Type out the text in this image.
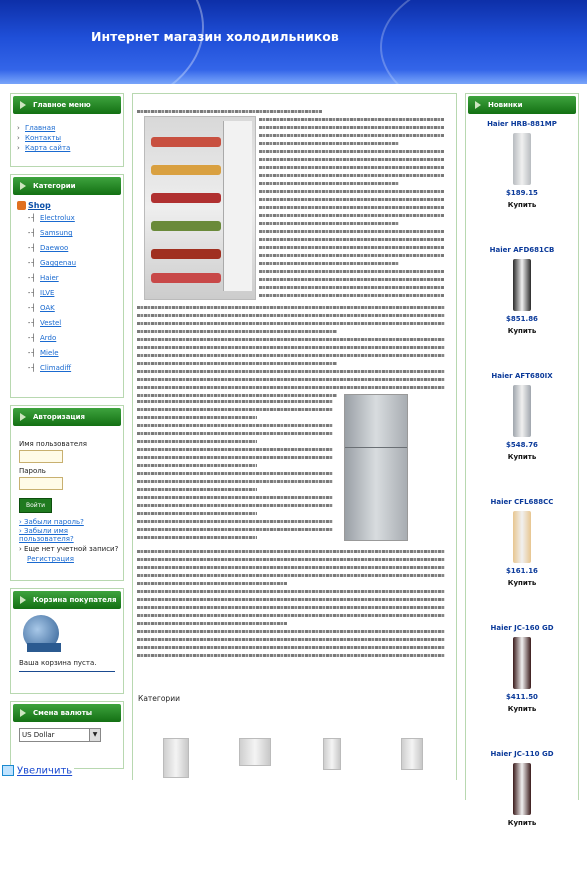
Интернет магазин холодильников
Главное меню
› Главная
› Контакты
› Карта сайта
Категории
Shop
-┤ Electrolux
-┤ Samsung
-┤ Daewoo
-┤ Gaggenau
-┤ Haier
-┤ ILVE
-┤ OAK
-┤ Vestel
-┤ Ardo
-┤ Miele
-┤ Climadiff
Авторизация
Имя пользователя
Пароль
Войти
› Забыли пароль?
› Забыли имя пользователя?
› Еще нет учетной записи?
Регистрация
Корзина покупателя
Ваша корзина пуста.
Смена валюты
US Dollar	▼
Категории
Новинки
Haier HRB-881MP
$189.15
Купить
Haier AFD681CB
$851.86
Купить
Haier AFT680IX
$548.76
Купить
Haier CFL688CC
$161.16
Купить
Haier JC-160 GD
$411.50
Купить
Haier JC-110 GD
Купить
Увеличить
